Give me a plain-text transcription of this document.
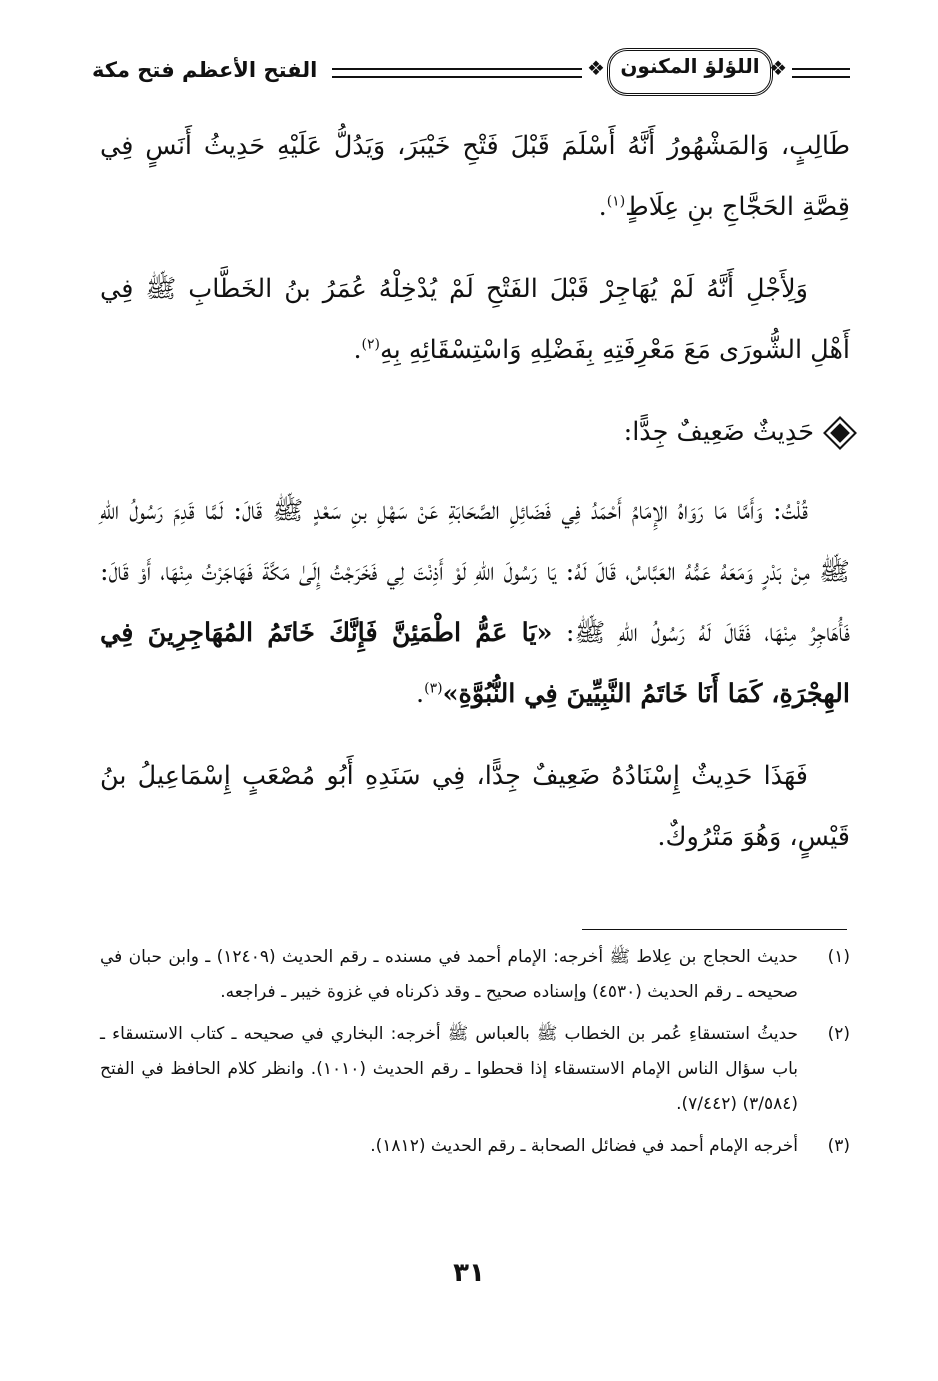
الفتح الأعظم فتح مكة	❖ اللؤلؤ المكنون ❖

طَالِبٍ، وَالمَشْهُورُ أَنَّهُ أَسْلَمَ قَبْلَ فَتْحِ خَيْبَرَ، وَيَدُلُّ عَلَيْهِ حَدِيثُ أَنَسٍ فِي قِصَّةِ الحَجَّاجِ بنِ عِلَاطٍ$^{(١)}$.

وَلِأَجْلِ أَنَّهُ لَمْ يُهَاجِرْ قَبْلَ الفَتْحِ لَمْ يُدْخِلْهُ عُمَرُ بنُ الخَطَّابِ ﷺ فِي أَهْلِ الشُّورَى مَعَ مَعْرِفَتِهِ بِفَضْلِهِ وَاسْتِسْقَائِهِ بِهِ$^{(٢)}$.

حَدِيثٌ ضَعِيفٌ جِدًّا:

قُلْتُ: وَأَمَّا مَا رَوَاهُ الإِمَامُ أَحْمَدُ فِي فَضَائِلِ الصَّحَابَةِ عَنْ سَهْلِ بنِ سَعْدٍ ﷺ قَالَ: لَمَّا قَدِمَ رَسُولُ اللهِ ﷺ مِنْ بَدْرٍ وَمَعَهُ عَمُّهُ العَبَّاسُ، قَالَ لَهُ: يَا رَسُولَ اللهِ لَوْ أَذِنْتَ لِي فَخَرَجْتُ إِلَىٰ مَكَّةَ فَهَاجَرْتُ مِنْهَا، أَوْ قَالَ: فَأُهَاجِرُ مِنْهَا، فَقَالَ لَهُ رَسُولُ اللهِ ﷺ: «يَا عَمُّ اطْمَئِنَّ فَإِنَّكَ خَاتَمُ المُهَاجِرِينَ فِي الهِجْرَةِ، كَمَا أَنَا خَاتَمُ النَّبِيِّينَ فِي النُّبُوَّةِ»$^{(٣)}$.

فَهَذَا حَدِيثٌ إِسْنَادُهُ ضَعِيفٌ جِدًّا، فِي سَنَدِهِ أَبُو مُصْعَبٍ إِسْمَاعِيلُ بنُ قَيْسٍ، وَهُوَ مَتْرُوكٌ.

(١)
حديث الحجاج بن عِلاط ﷺ أخرجه: الإمام أحمد في مسنده ـ رقم الحديث (١٢٤٠٩) ـ وابن حبان في صحيحه ـ رقم الحديث (٤٥٣٠) وإسناده صحيح ـ وقد ذكرناه في غزوة خيبر ـ فراجعه.
(٢)
حديثُ استسقاءِ عُمر بن الخطاب ﷺ بالعباس ﷺ أخرجه: البخاري في صحيحه ـ كتاب الاستسقاء ـ باب سؤال الناس الإمام الاستسقاء إذا قحطوا ـ رقم الحديث (١٠١٠). وانظر كلام الحافظ في الفتح (٣/٥٨٤) (٧/٤٤٢).
(٣)
أخرجه الإمام أحمد في فضائل الصحابة ـ رقم الحديث (١٨١٢).
٣١
